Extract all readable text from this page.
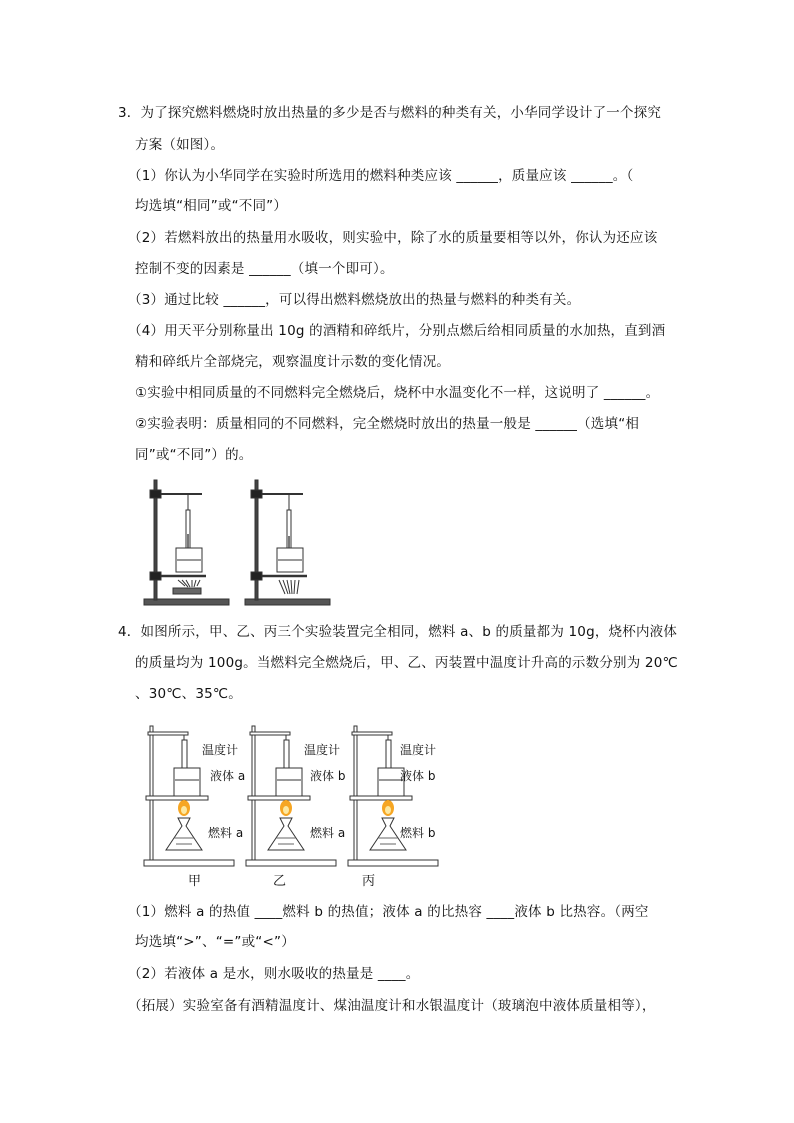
3．为了探究燃料燃烧时放出热量的多少是否与燃料的种类有关，小华同学设计了一个探究
方案（如图）。
（1）你认为小华同学在实验时所选用的燃料种类应该 ______，质量应该 ______。（
均选填“相同”或“不同”）
（2）若燃料放出的热量用水吸收，则实验中，除了水的质量要相等以外，你认为还应该
控制不变的因素是 ______（填一个即可）。
（3）通过比较 ______，可以得出燃料燃烧放出的热量与燃料的种类有关。
（4）用天平分别称量出 10g 的酒精和碎纸片，分别点燃后给相同质量的水加热，直到酒
精和碎纸片全部烧完，观察温度计示数的变化情况。
①实验中相同质量的不同燃料完全燃烧后，烧杯中水温变化不一样，这说明了 ______。
②实验表明：质量相同的不同燃料，完全燃烧时放出的热量一般是 ______（选填“相
同”或“不同”）的。
4．如图所示，甲、乙、丙三个实验装置完全相同，燃料 a、b 的质量都为 10g，烧杯内液体
的质量均为 100g。当燃料完全燃烧后，甲、乙、丙装置中温度计升高的示数分别为 20℃
、30℃、35℃。
温度计
液体 a
燃料 a
温度计
液体 b
燃料 a
温度计
液体 b
燃料 b
甲	乙	丙
（1）燃料 a 的热值 ____燃料 b 的热值；液体 a 的比热容 ____液体 b 比热容。（两空
均选填“>”、“=”或“<”）
（2）若液体 a 是水，则水吸收的热量是 ____。
（拓展）实验室备有酒精温度计、煤油温度计和水银温度计（玻璃泡中液体质量相等），
